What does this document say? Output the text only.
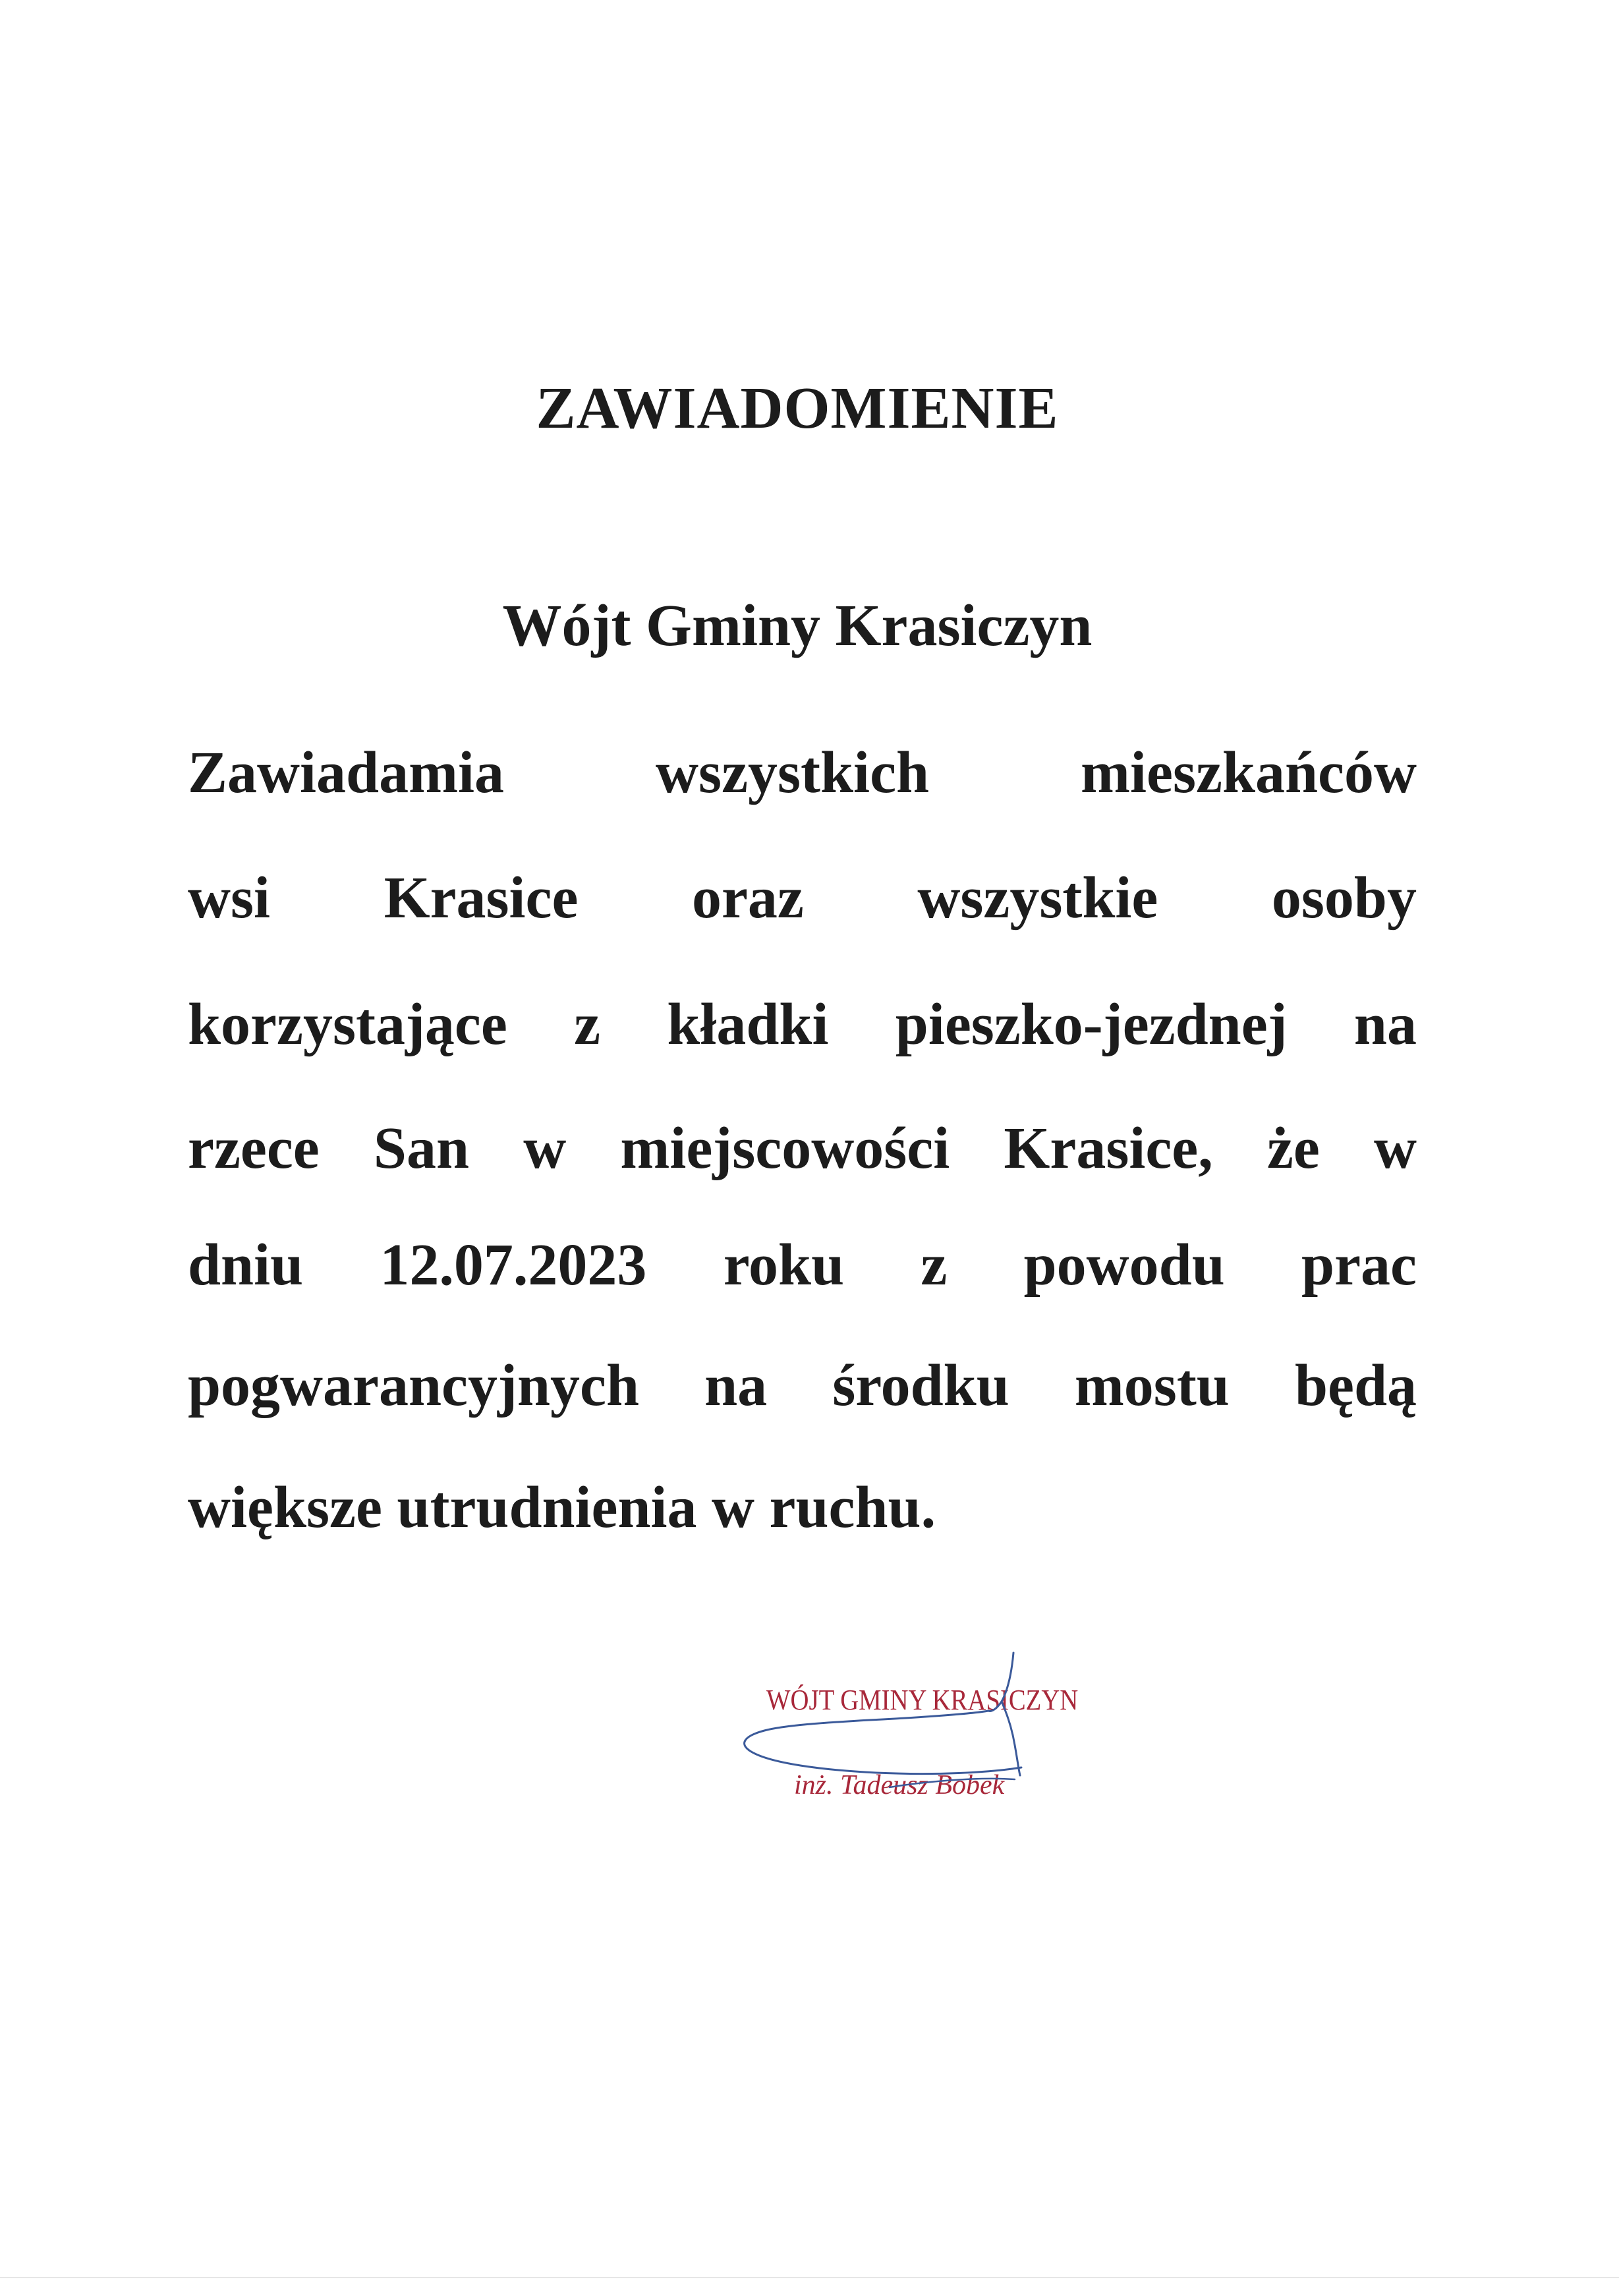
ZAWIADOMIENIE
Wójt Gminy Krasiczyn

Zawiadamia wszystkich mieszkańców

wsi Krasice oraz wszystkie osoby

korzystające z kładki pieszko-jezdnej na

rzece San w miejscowości Krasice, że w

dniu 12.07.2023 roku z powodu prac

pogwarancyjnych na środku mostu będą

większe utrudnienia w ruchu.

WÓJT GMINY KRASICZYN
inż. Tadeusz Bobek
